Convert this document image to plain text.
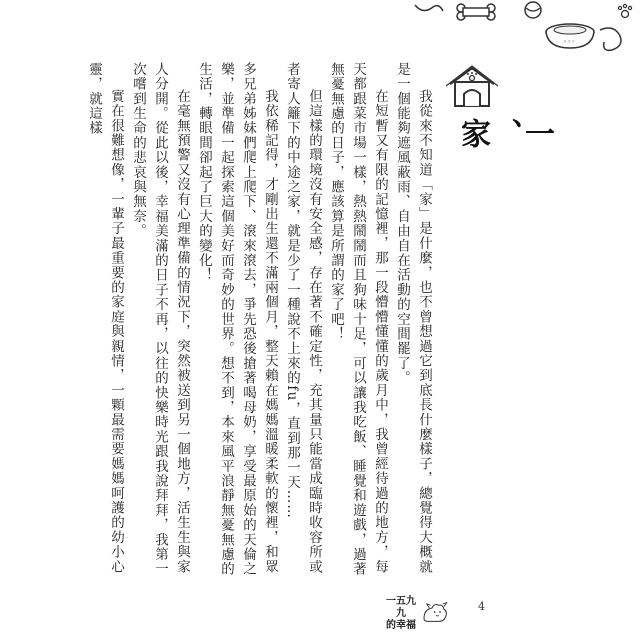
◦◦◦
一
、
家

我從來不知道「家」是什麼，也不曾想過它到底長什麼樣子，總覺得大概就是一個能夠遮風蔽雨、自由自在活動的空間罷了。

在短暫又有限的記憶裡，那一段懵懵懂懂的歲月中，我曾經待過的地方，每天都跟菜市場一樣，熱熱鬧鬧而且狗味十足，可以讓我吃飯、睡覺和遊戲，過著無憂無慮的日子，應該算是所謂的家了吧！

但這樣的環境沒有安全感，存在著不確定性，充其量只能當成臨時收容所或者寄人籬下的中途之家，就是少了一種說不上來的fu，直到那一天……

我依稀記得，才剛出生還不滿兩個月，整天賴在媽媽溫暖柔軟的懷裡，和眾多兄弟姊妹們爬上爬下、滾來滾去，爭先恐後搶著喝母奶，享受最原始的天倫之樂，並準備一起探索這個美好而奇妙的世界。想不到，本來風平浪靜無憂無慮的生活，轉眼間卻起了巨大的變化！

在毫無預警又沒有心理準備的情況下，突然被送到另一個地方，活生生與家人分開。從此以後，幸福美滿的日子不再，以往的快樂時光跟我說拜拜，我第一次嚐到生命的悲哀與無奈。

實在很難想像，一輩子最重要的家庭與親情，一顆最需要媽媽呵護的幼小心靈，就這樣

一五九九
的幸福
4
